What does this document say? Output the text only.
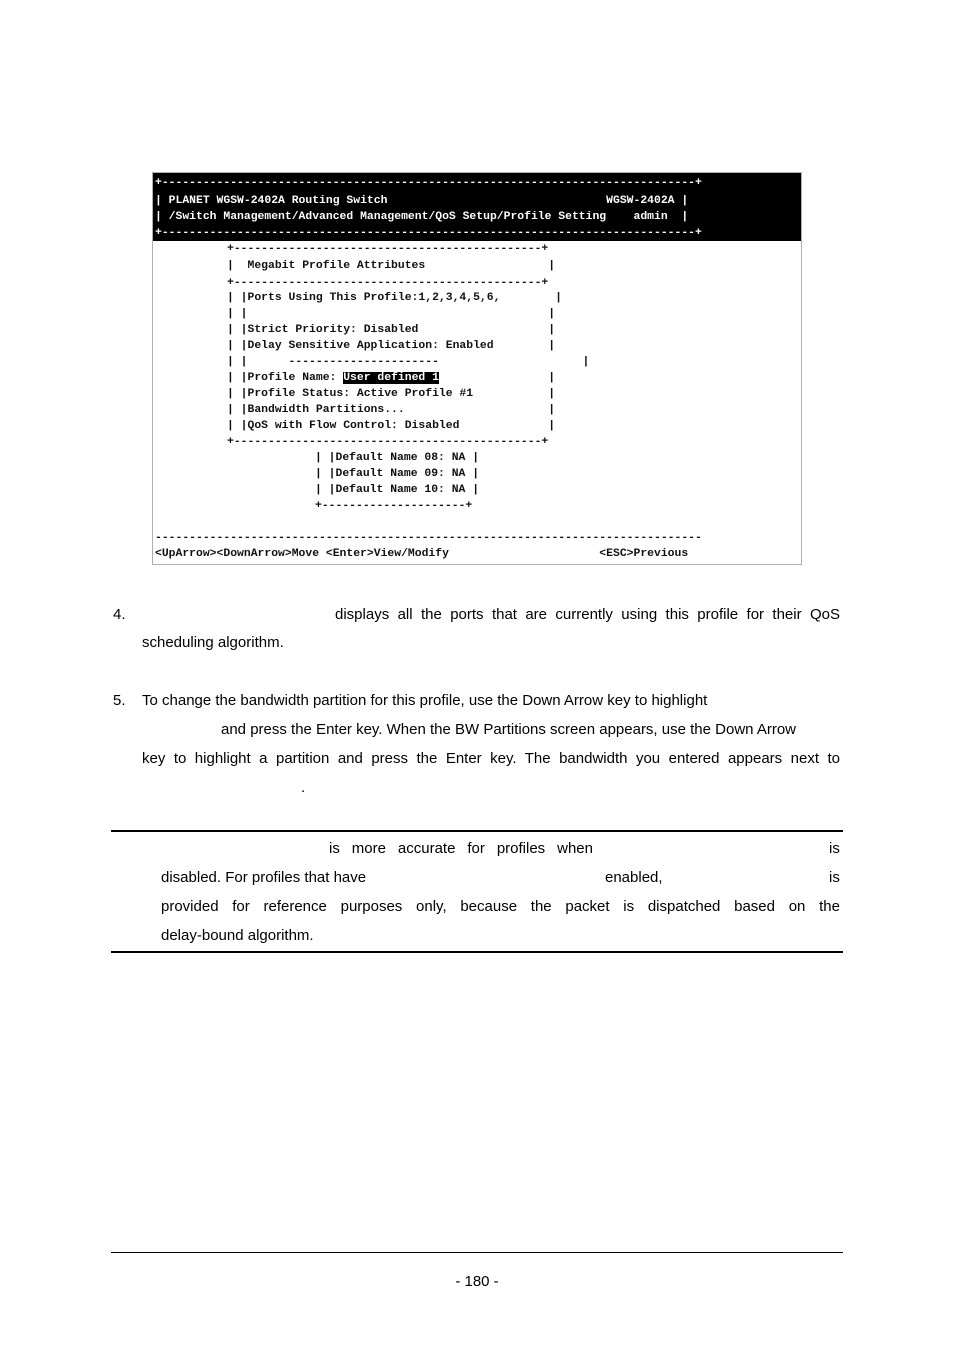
+------------------------------------------------------------------------------+
| PLANET WGSW-2402A Routing Switch                                WGSW-2402A |
| /Switch Management/Advanced Management/QoS Setup/Profile Setting    admin  |
+------------------------------------------------------------------------------+
+---------------------------------------------+
|  Megabit Profile Attributes                  |
+---------------------------------------------+
| |Ports Using This Profile:1,2,3,4,5,6,        |
| |                                            |
| |Strict Priority: Disabled                   |
| |Delay Sensitive Application: Enabled        |
| |      ----------------------                     |
| |Profile Name: User defined 1                |
| |Profile Status: Active Profile #1           |
| |Bandwidth Partitions...                     |
| |QoS with Flow Control: Disabled             |
+---------------------------------------------+
| |Default Name 08: NA |
| |Default Name 09: NA |
| |Default Name 10: NA |
+---------------------+
--------------------------------------------------------------------------------
<UpArrow><DownArrow>Move <Enter>View/Modify                      <ESC>Previous
4.	displays all the ports that are currently using this profile for their QoS
scheduling algorithm.
5. To change the bandwidth partition for this profile, use the Down Arrow key to highlight
and press the Enter key. When the BW Partitions screen appears, use the Down Arrow
key to highlight a partition and press the Enter key. The bandwidth you entered appears next to
.
is more accurate for profiles when	is
disabled. For profiles that have	enabled,	is
provided for reference purposes only, because the packet is dispatched based on the
delay-bound algorithm.
- 180 -
